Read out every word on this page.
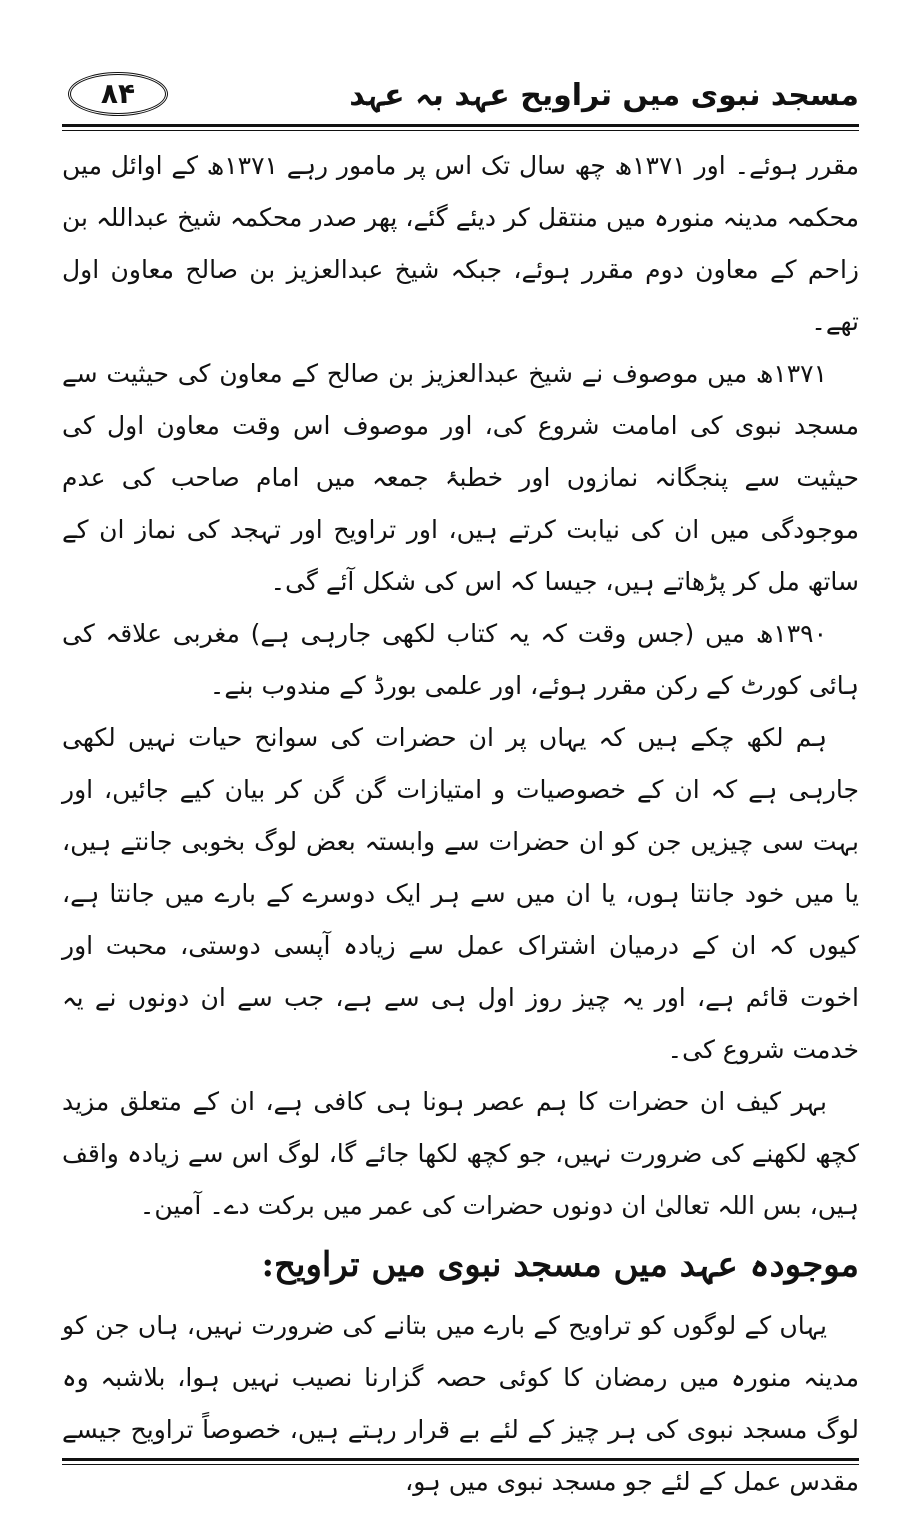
مسجد نبوی میں تراویح عہد بہ عہد
۸۴

مقرر ہوئے۔ اور ۱۳۷۱ھ چھ سال تک اس پر مامور رہے ۱۳۷۱ھ کے اوائل میں محکمہ مدینہ منورہ میں منتقل کر دیئے گئے، پھر صدر محکمہ شیخ عبداللہ بن زاحم کے معاون دوم مقرر ہوئے، جبکہ شیخ عبدالعزیز بن صالح معاون اول تھے۔

۱۳۷۱ھ میں موصوف نے شیخ عبدالعزیز بن صالح کے معاون کی حیثیت سے مسجد نبوی کی امامت شروع کی، اور موصوف اس وقت معاون اول کی حیثیت سے پنجگانہ نمازوں اور خطبۂ جمعہ میں امام صاحب کی عدم موجودگی میں ان کی نیابت کرتے ہیں، اور تراویح اور تہجد کی نماز ان کے ساتھ مل کر پڑھاتے ہیں، جیسا کہ اس کی شکل آئے گی۔

۱۳۹۰ھ میں (جس وقت کہ یہ کتاب لکھی جارہی ہے) مغربی علاقہ کی ہائی کورٹ کے رکن مقرر ہوئے، اور علمی بورڈ کے مندوب بنے۔

ہم لکھ چکے ہیں کہ یہاں پر ان حضرات کی سوانح حیات نہیں لکھی جارہی ہے کہ ان کے خصوصیات و امتیازات گن گن کر بیان کیے جائیں، اور بہت سی چیزیں جن کو ان حضرات سے وابستہ بعض لوگ بخوبی جانتے ہیں، یا میں خود جانتا ہوں، یا ان میں سے ہر ایک دوسرے کے بارے میں جانتا ہے، کیوں کہ ان کے درمیان اشتراک عمل سے زیادہ آپسی دوستی، محبت اور اخوت قائم ہے، اور یہ چیز روز اول ہی سے ہے، جب سے ان دونوں نے یہ خدمت شروع کی۔

بہر کیف ان حضرات کا ہم عصر ہونا ہی کافی ہے، ان کے متعلق مزید کچھ لکھنے کی ضرورت نہیں، جو کچھ لکھا جائے گا، لوگ اس سے زیادہ واقف ہیں، بس اللہ تعالیٰ ان دونوں حضرات کی عمر میں برکت دے۔ آمین۔

موجودہ عہد میں مسجد نبوی میں تراویح:

یہاں کے لوگوں کو تراویح کے بارے میں بتانے کی ضرورت نہیں، ہاں جن کو مدینہ منورہ میں رمضان کا کوئی حصہ گزارنا نصیب نہیں ہوا، بلاشبہ وہ لوگ مسجد نبوی کی ہر چیز کے لئے بے قرار رہتے ہیں، خصوصاً تراویح جیسے مقدس عمل کے لئے جو مسجد نبوی میں ہو،
